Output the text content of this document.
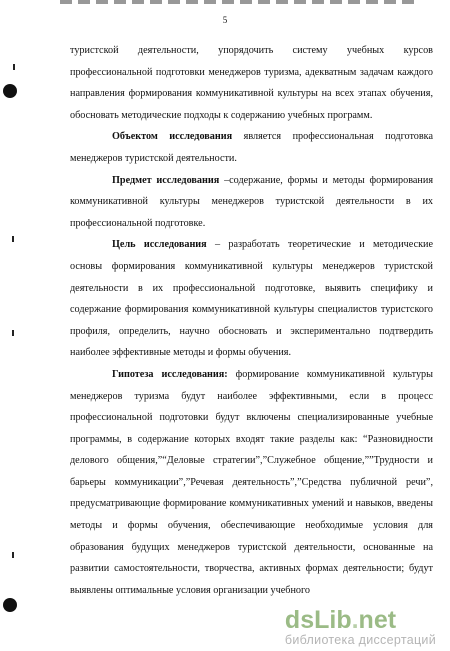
5

туристской деятельности, упорядочить систему учебных курсов профессиональной подготовки менеджеров туризма, адекватным задачам каждого направления формирования коммуникативной культуры на всех этапах обучения, обосновать методические подходы к содержанию учебных программ.

Объектом исследования является профессиональная подготовка менеджеров туристской деятельности.

Предмет исследования –содержание, формы и методы формирования коммуникативной культуры менеджеров туристской деятельности в их профессиональной подготовке.

Цель исследования – разработать теоретические и методические основы формирования коммуникативной культуры менеджеров туристской деятельности в их профессиональной подготовке, выявить специфику и содержание формирования коммуникативной культуры специалистов туристского профиля, определить, научно обосновать и экспериментально подтвердить наиболее эффективные методы и формы обучения.

Гипотеза исследования: формирование коммуникативной культуры менеджеров туризма будут наиболее эффективными, если в процесс профессиональной подготовки будут включены специализированные учебные программы, в содержание которых входят такие разделы как: “Разновидности делового общения,”“Деловые стратегии”,”Служебное общение,””Трудности и барьеры коммуникации”,”Речевая деятельность”,”Средства публичной речи”, предусматривающие формирование коммуникативных умений и навыков, введены методы и формы обучения, обеспечивающие необходимые условия для образования будущих менеджеров туристской деятельности, основанные на развитии самостоятельности, творчества, активных формах деятельности; будут выявлены оптимальные условия организации учебного

dsLib.net
библиотека диссертаций
